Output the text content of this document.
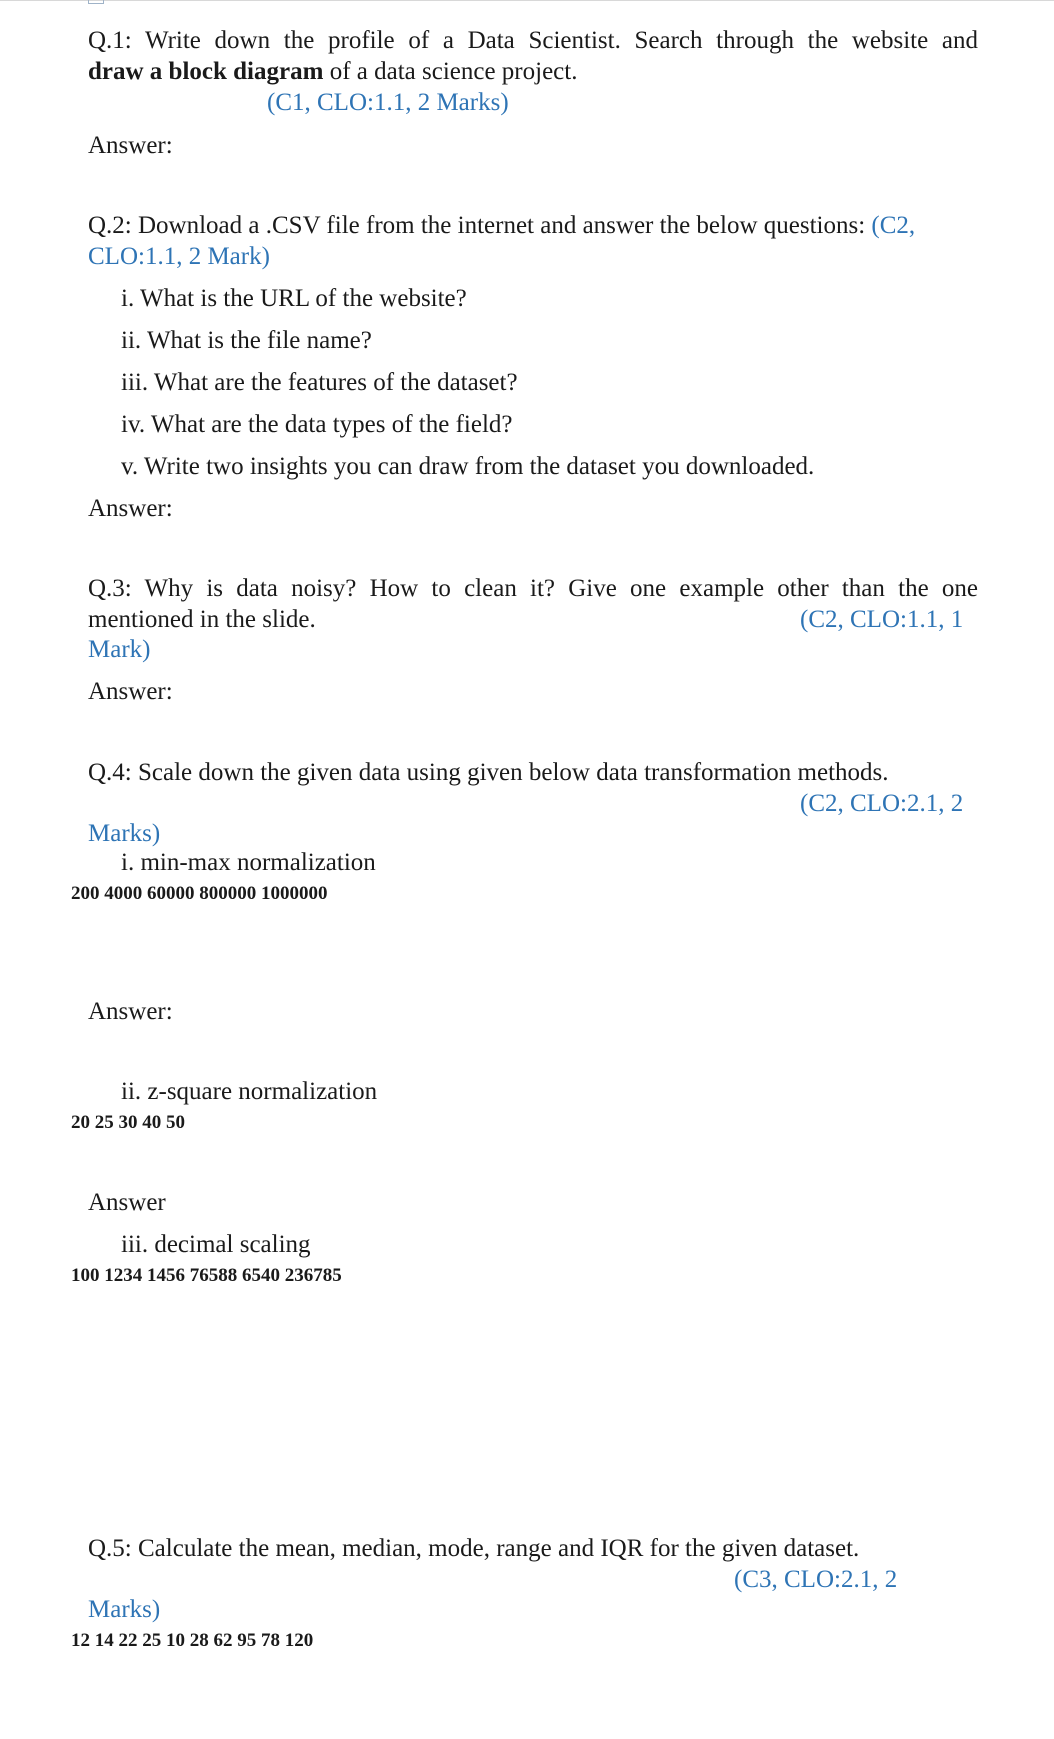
Q.1: Write down the profile of a Data Scientist. Search through the website and
draw a block diagram of a data science project.
(C1, CLO:1.1, 2 Marks)
Answer:
Q.2: Download a .CSV file from the internet and answer the below questions: (C2,
CLO:1.1, 2 Mark)
i. What is the URL of the website?
ii. What is the file name?
iii. What are the features of the dataset?
iv. What are the data types of the field?
v. Write two insights you can draw from the dataset you downloaded.
Answer:
Q.3: Why is data noisy? How to clean it? Give one example other than the one
mentioned in the slide.	(C2, CLO:1.1, 1
Mark)
Answer:
Q.4: Scale down the given data using given below data transformation methods.
(C2, CLO:2.1, 2
Marks)
i. min-max normalization
200 4000 60000 800000 1000000
Answer:
ii. z-square normalization
20 25 30 40 50
Answer
iii. decimal scaling
100 1234 1456 76588 6540 236785
Q.5: Calculate the mean, median, mode, range and IQR for the given dataset.
(C3, CLO:2.1, 2
Marks)
12 14 22 25 10 28 62 95 78 120
